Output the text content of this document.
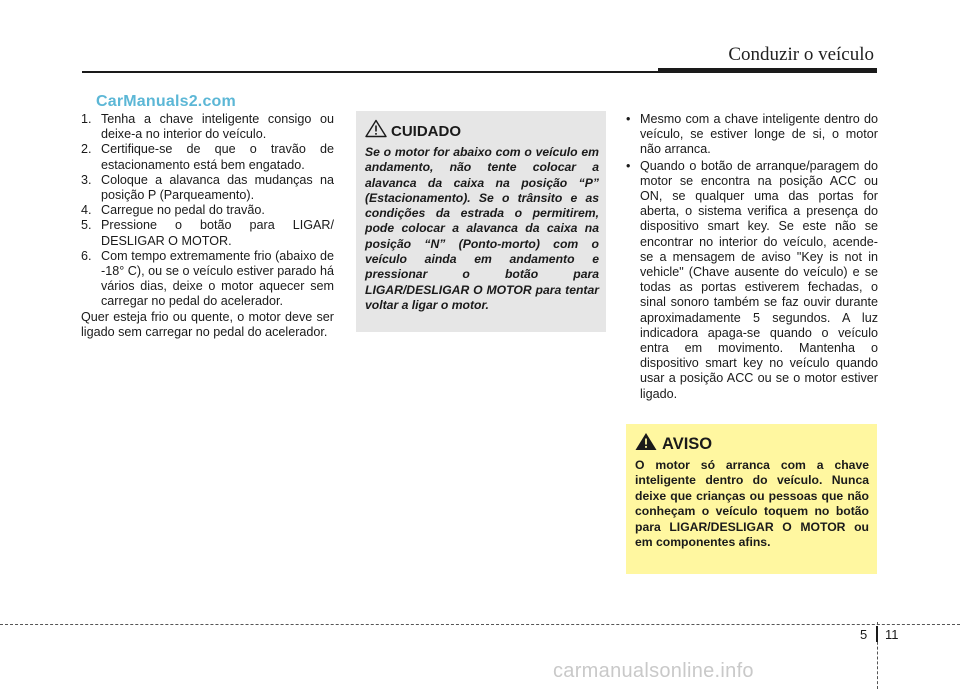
Conduzir o veículo
CarManuals2.com
1. Tenha a chave inteligente consigo ou deixe-a no interior do veículo.
2. Certifique-se de que o travão de estacionamento está bem engatado.
3. Coloque a alavanca das mudanças na posição P (Parqueamento).
4. Carregue no pedal do travão.
5. Pressione o botão para LIGAR/ DESLIGAR O MOTOR.
6. Com tempo extremamente frio (abaixo de -18° C), ou se o veículo estiver parado há vários dias, deixe o motor aquecer sem carregar no pedal do acelerador.
Quer esteja frio ou quente, o motor deve ser ligado sem carregar no pedal do acelerador.
CUIDADO
Se o motor for abaixo com o veículo em andamento, não tente colocar a alavanca da caixa na posição “P” (Estacionamento). Se o trânsito e as condições da estrada o permitirem, pode colocar a alavanca da caixa na posição “N” (Ponto-morto) com o veículo ainda em andamento e pressionar o botão para LIGAR/DESLIGAR O MOTOR para tentar voltar a ligar o motor.
• Mesmo com a chave inteligente dentro do veículo, se estiver longe de si, o motor não arranca.
• Quando o botão de arranque/paragem do motor se encontra na posição ACC ou ON, se qualquer uma das portas for aberta, o sistema verifica a presença do dispositivo smart key. Se este não se encontrar no interior do veículo, acende-se a mensagem de aviso "Key is not in vehicle" (Chave ausente do veículo) e se todas as portas estiverem fechadas, o sinal sonoro também se faz ouvir durante aproximadamente 5 segundos. A luz indicadora apaga-se quando o veículo entra em movimento. Mantenha o dispositivo smart key no veículo quando usar a posição ACC ou se o motor estiver ligado.
AVISO
O motor só arranca com a chave inteligente dentro do veículo. Nunca deixe que crianças ou pessoas que não conheçam o veículo toquem no botão para LIGAR/DESLIGAR O MOTOR ou em componentes afins.
5 11
carmanualsonline.info
